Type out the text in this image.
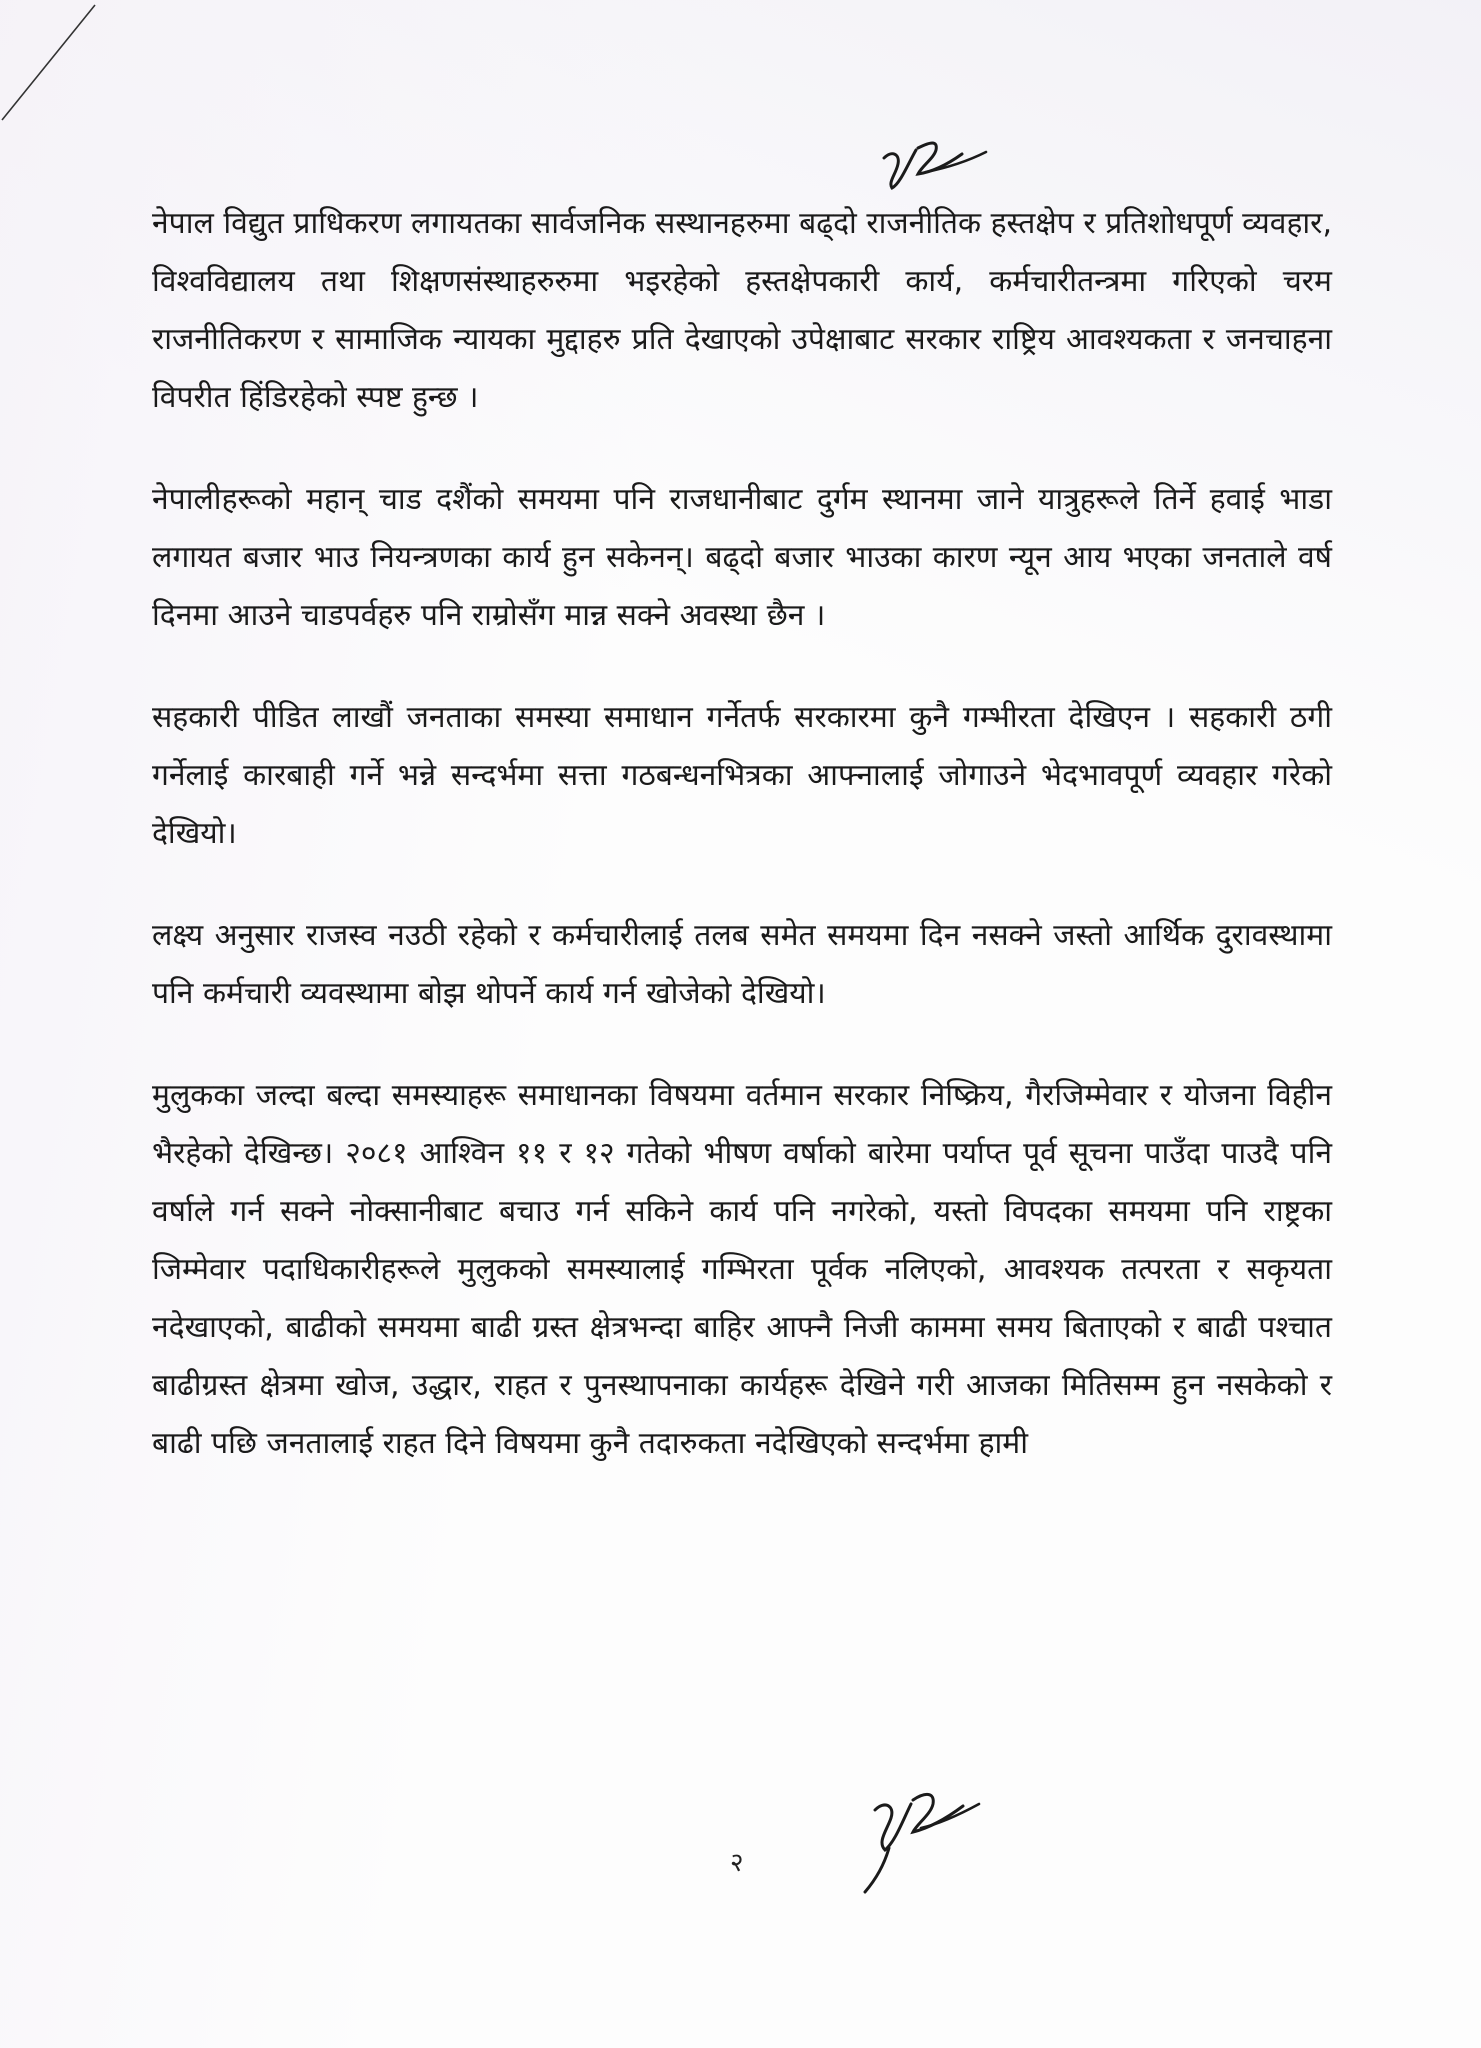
नेपाल विद्युत प्राधिकरण लगायतका सार्वजनिक सस्थानहरुमा बढ्दो राजनीतिक हस्तक्षेप र प्रतिशोधपूर्ण व्यवहार, विश्वविद्यालय तथा शिक्षणसंस्थाहरुरुमा भइरहेको हस्तक्षेपकारी कार्य, कर्मचारीतन्त्रमा गरिएको चरम राजनीतिकरण र सामाजिक न्यायका मुद्दाहरु प्रति देखाएको उपेक्षाबाट सरकार राष्ट्रिय आवश्यकता र जनचाहना विपरीत हिंडिरहेको स्पष्ट हुन्छ ।

नेपालीहरूको महान् चाड दशैंको समयमा पनि राजधानीबाट दुर्गम स्थानमा जाने यात्रुहरूले तिर्ने हवाई भाडा लगायत बजार भाउ नियन्त्रणका कार्य हुन सकेनन्। बढ्दो बजार भाउका कारण न्यून आय भएका जनताले वर्ष दिनमा आउने चाडपर्वहरु पनि राम्रोसँग मान्न सक्ने अवस्था छैन ।

सहकारी पीडित लाखौं जनताका समस्या समाधान गर्नेतर्फ सरकारमा कुनै गम्भीरता देखिएन । सहकारी ठगी गर्नेलाई कारबाही गर्ने भन्ने सन्दर्भमा सत्ता गठबन्धनभित्रका आफ्नालाई जोगाउने भेदभावपूर्ण व्यवहार गरेको देखियो।

लक्ष्य अनुसार राजस्व नउठी रहेको र कर्मचारीलाई तलब समेत समयमा दिन नसक्ने जस्तो आर्थिक दुरावस्थामा पनि कर्मचारी व्यवस्थामा बोझ थोपर्ने कार्य गर्न खोजेको देखियो।

मुलुकका जल्दा बल्दा समस्याहरू समाधानका विषयमा वर्तमान सरकार निष्क्रिय, गैरजिम्मेवार र योजना विहीन भैरहेको देखिन्छ। २०८१ आश्विन ११ र १२ गतेको भीषण वर्षाको बारेमा पर्याप्त पूर्व सूचना पाउँदा पाउदै पनि वर्षाले गर्न सक्ने नोक्सानीबाट बचाउ गर्न सकिने कार्य पनि नगरेको, यस्तो विपदका समयमा पनि राष्ट्रका जिम्मेवार पदाधिकारीहरूले मुलुकको समस्यालाई गम्भिरता पूर्वक नलिएको, आवश्यक तत्परता र सकृयता नदेखाएको, बाढीको समयमा बाढी ग्रस्त क्षेत्रभन्दा बाहिर आफ्नै निजी काममा समय बिताएको र बाढी पश्चात बाढीग्रस्त क्षेत्रमा खोज, उद्धार, राहत र पुनस्थापनाका कार्यहरू देखिने गरी आजका मितिसम्म हुन नसकेको र बाढी पछि जनतालाई राहत दिने विषयमा कुनै तदारुकता नदेखिएको सन्दर्भमा हामी

२
